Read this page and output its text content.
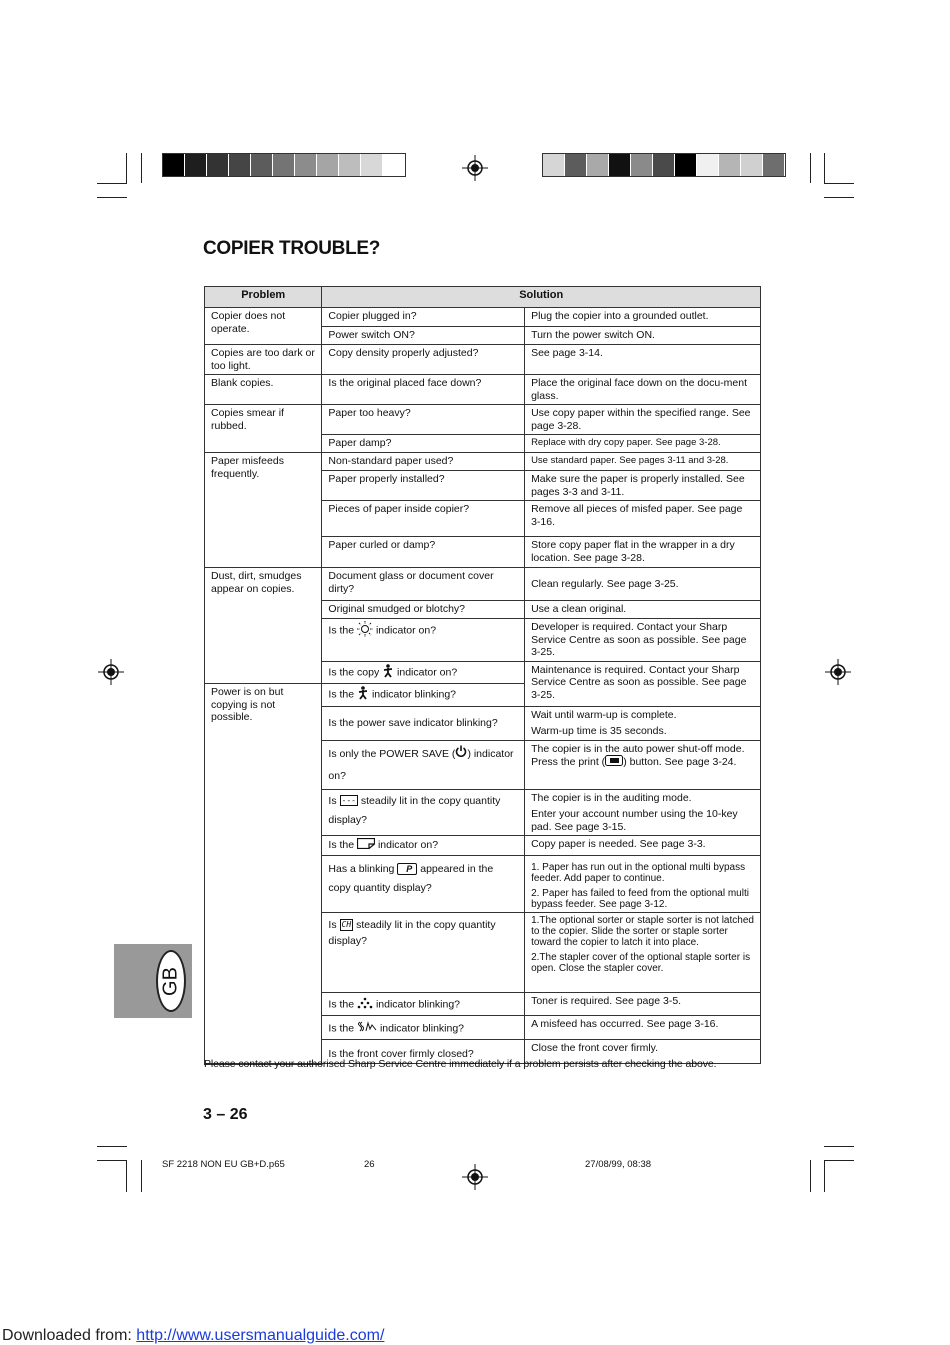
COPIER TROUBLE?
Problem	Solution	
Copier does not operate.	Copier plugged in?	Plug the copier into a grounded outlet.
	Power switch ON?	Turn the power switch ON.
Copies are too dark or too light.	Copy density properly adjusted?	See page 3-14.
Blank copies.	Is the original placed face down?	Place the original face down on the docu-ment glass.
Copies smear if rubbed.	Paper too heavy?	Use copy paper within the specified range. See page 3-28.
	Paper damp?	Replace with dry copy paper. See page 3-28.
Paper misfeeds frequently.	Non-standard paper used?	Use standard paper. See pages 3-11 and 3-28.
	Paper properly installed?	Make sure the paper is properly installed. See pages 3-3 and 3-11.
	Pieces of paper inside copier?	Remove all pieces of misfed paper. See page 3-16.
	Paper curled or damp?	Store copy paper flat in the wrapper in a dry location. See page 3-28.
Dust, dirt, smudges appear on copies.	Document glass or document cover dirty?	Clean regularly. See page 3-25.
	Original smudged or blotchy?	Use a clean original.
	Is the indicator on?	Developer is required. Contact your Sharp Service Centre as soon as possible. See page 3-25.
	Is the copy indicator on?	Maintenance is required. Contact your Sharp Service Centre as soon as possible. See page 3-25.
Power is on but copying is not possible.	Is the indicator blinking?	
	Is the power save indicator blinking?	Wait until warm-up is complete.
Warm-up time is 35 seconds.

	Is only the POWER SAVE ( ) indicator on?	The copier is in the auto power shut-off mode. Press the print ( ) button. See page 3-24.
	Is --- steadily lit in the copy quantity display?	The copier is in the auditing mode.
Enter your account number using the 10-key pad. See page 3-15.

	Is the indicator on?	Copy paper is needed. See page 3-3.
	Has a blinking P appeared in the copy quantity display?	1. Paper has run out in the optional multi bypass feeder. Add paper to continue.
2. Paper has failed to feed from the optional multi bypass feeder. See page 3-12.

	Is CH steadily lit in the copy quantity display?	1.The optional sorter or staple sorter is not latched to the copier. Slide the sorter or staple sorter toward the copier to latch it into place.
2.The stapler cover of the optional staple sorter is open. Close the stapler cover.

	Is the indicator blinking?	Toner is required. See page 3-5.
	Is the indicator blinking?	A misfeed has occurred. See page 3-16.
	Is the front cover firmly closed?	Close the front cover firmly.

GB
Please contact your authorised Sharp Service Centre immediately if a problem persists after checking the above.
3 – 26
SF 2218 NON EU GB+D.p65	26	27/08/99, 08:38
Downloaded from: http://www.usersmanualguide.com/
